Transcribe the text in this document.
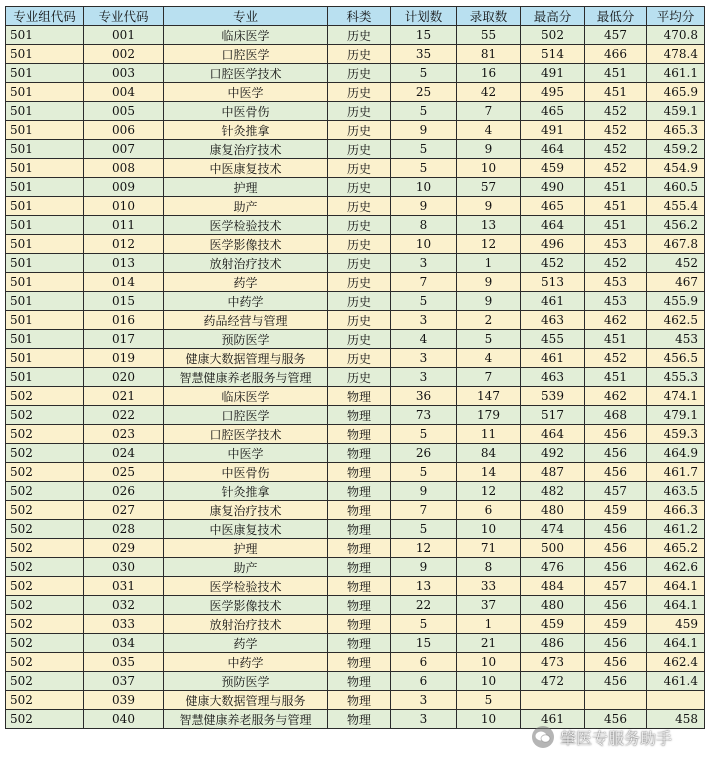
专业组代码	专业代码	专业	科类	计划数	录取数	最高分	最低分	平均分
501	001	临床医学	历史	15	55	502	457	470.8
501	002	口腔医学	历史	35	81	514	466	478.4
501	003	口腔医学技术	历史	5	16	491	451	461.1
501	004	中医学	历史	25	42	495	451	465.9
501	005	中医骨伤	历史	5	7	465	452	459.1
501	006	针灸推拿	历史	9	4	491	452	465.3
501	007	康复治疗技术	历史	5	9	464	452	459.2
501	008	中医康复技术	历史	5	10	459	452	454.9
501	009	护理	历史	10	57	490	451	460.5
501	010	助产	历史	9	9	465	451	455.4
501	011	医学检验技术	历史	8	13	464	451	456.2
501	012	医学影像技术	历史	10	12	496	453	467.8
501	013	放射治疗技术	历史	3	1	452	452	452
501	014	药学	历史	7	9	513	453	467
501	015	中药学	历史	5	9	461	453	455.9
501	016	药品经营与管理	历史	3	2	463	462	462.5
501	017	预防医学	历史	4	5	455	451	453
501	019	健康大数据管理与服务	历史	3	4	461	452	456.5
501	020	智慧健康养老服务与管理	历史	3	7	463	451	455.3
502	021	临床医学	物理	36	147	539	462	474.1
502	022	口腔医学	物理	73	179	517	468	479.1
502	023	口腔医学技术	物理	5	11	464	456	459.3
502	024	中医学	物理	26	84	492	456	464.9
502	025	中医骨伤	物理	5	14	487	456	461.7
502	026	针灸推拿	物理	9	12	482	457	463.5
502	027	康复治疗技术	物理	7	6	480	459	466.3
502	028	中医康复技术	物理	5	10	474	456	461.2
502	029	护理	物理	12	71	500	456	465.2
502	030	助产	物理	9	8	476	456	462.6
502	031	医学检验技术	物理	13	33	484	457	464.1
502	032	医学影像技术	物理	22	37	480	456	464.1
502	033	放射治疗技术	物理	5	1	459	459	459
502	034	药学	物理	15	21	486	456	464.1
502	035	中药学	物理	6	10	473	456	462.4
502	037	预防医学	物理	6	10	472	456	461.4
502	039	健康大数据管理与服务	物理	3	5			
502	040	智慧健康养老服务与管理	物理	3	10	461	456	458
肇医专服务助手
